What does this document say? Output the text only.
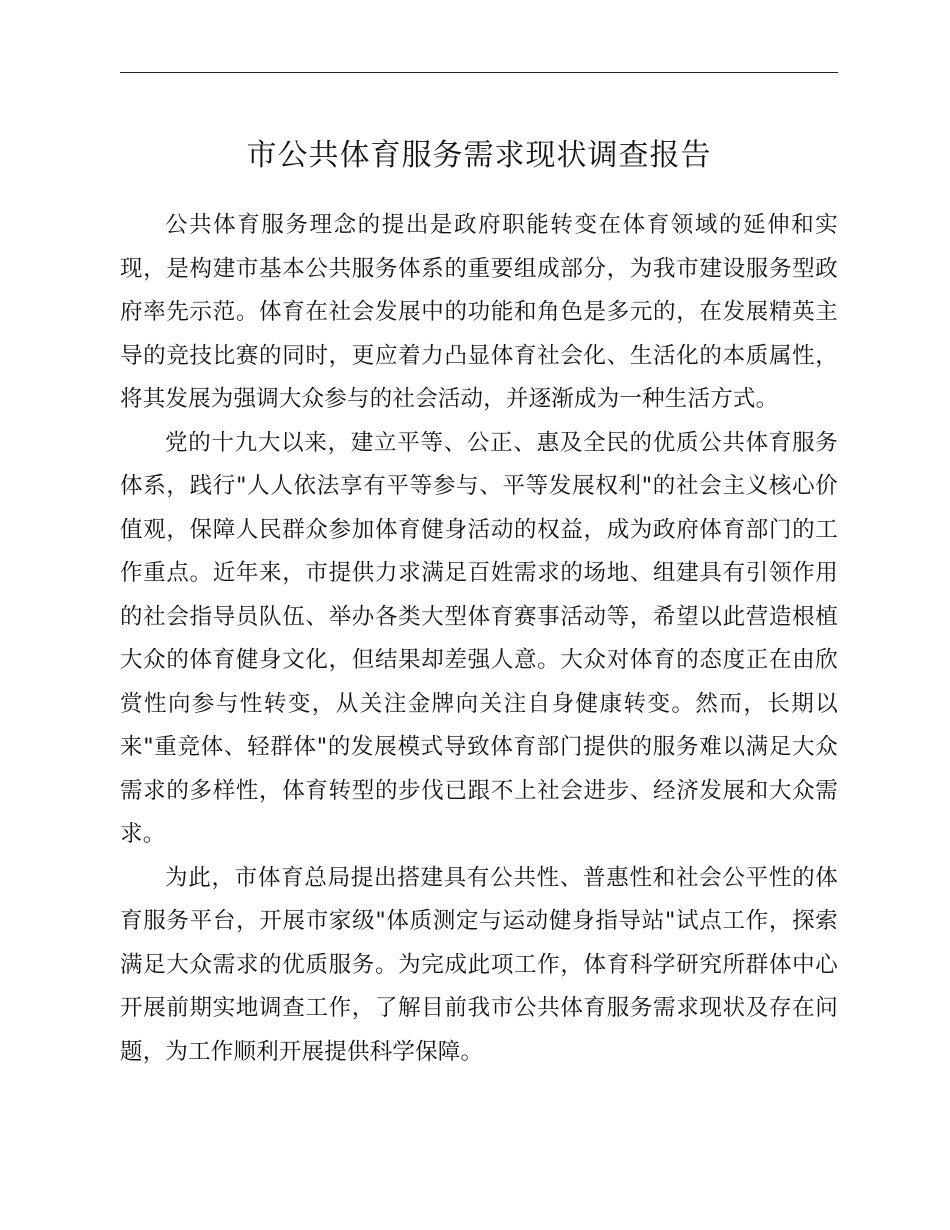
市公共体育服务需求现状调查报告

公共体育服务理念的提出是政府职能转变在体育领域的延伸和实现，是构建市基本公共服务体系的重要组成部分，为我市建设服务型政府率先示范。体育在社会发展中的功能和角色是多元的，在发展精英主导的竞技比赛的同时，更应着力凸显体育社会化、生活化的本质属性，将其发展为强调大众参与的社会活动，并逐渐成为一种生活方式。

党的十九大以来，建立平等、公正、惠及全民的优质公共体育服务体系，践行"人人依法享有平等参与、平等发展权利"的社会主义核心价值观，保障人民群众参加体育健身活动的权益，成为政府体育部门的工作重点。近年来，市提供力求满足百姓需求的场地、组建具有引领作用的社会指导员队伍、举办各类大型体育赛事活动等，希望以此营造根植大众的体育健身文化，但结果却差强人意。大众对体育的态度正在由欣赏性向参与性转变，从关注金牌向关注自身健康转变。然而，长期以来"重竞体、轻群体"的发展模式导致体育部门提供的服务难以满足大众需求的多样性，体育转型的步伐已跟不上社会进步、经济发展和大众需求。

为此，市体育总局提出搭建具有公共性、普惠性和社会公平性的体育服务平台，开展市家级"体质测定与运动健身指导站"试点工作，探索满足大众需求的优质服务。为完成此项工作，体育科学研究所群体中心开展前期实地调查工作，了解目前我市公共体育服务需求现状及存在问题，为工作顺利开展提供科学保障。
